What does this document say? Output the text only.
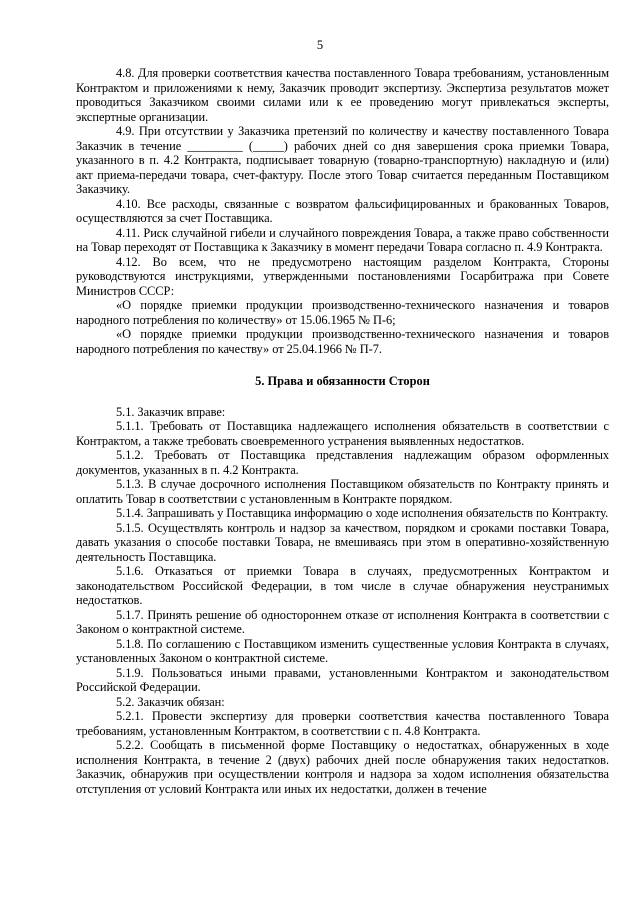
5

4.8. Для проверки соответствия качества поставленного Товара требованиям, установленным Контрактом и приложениями к нему, Заказчик проводит экспертизу. Экспертиза результатов может проводиться Заказчиком своими силами или к ее проведению могут привлекаться эксперты, экспертные организации.

4.9. При отсутствии у Заказчика претензий по количеству и качеству поставленного Товара Заказчик в течение _________ (_____) рабочих дней со дня завершения срока приемки Товара, указанного в п. 4.2 Контракта, подписывает товарную (товарно-транспортную) накладную и (или) акт приема-передачи товара, счет-фактуру. После этого Товар считается переданным Поставщиком Заказчику.

4.10. Все расходы, связанные с возвратом фальсифицированных и бракованных Товаров, осуществляются за счет Поставщика.

4.11. Риск случайной гибели и случайного повреждения Товара, а также право собственности на Товар переходят от Поставщика к Заказчику в момент передачи Товара согласно п. 4.9 Контракта.

4.12. Во всем, что не предусмотрено настоящим разделом Контракта, Стороны руководствуются инструкциями, утвержденными постановлениями Госарбитража при Совете Министров СССР:

«О порядке приемки продукции производственно-технического назначения и товаров народного потребления по количеству» от 15.06.1965 № П-6;

«О порядке приемки продукции производственно-технического назначения и товаров народного потребления по качеству» от 25.04.1966 № П-7.

5. Права и обязанности Сторон

5.1. Заказчик вправе:

5.1.1. Требовать от Поставщика надлежащего исполнения обязательств в соответствии с Контрактом, а также требовать своевременного устранения выявленных недостатков.

5.1.2. Требовать от Поставщика представления надлежащим образом оформленных документов, указанных в п. 4.2 Контракта.

5.1.3. В случае досрочного исполнения Поставщиком обязательств по Контракту принять и оплатить Товар в соответствии с установленным в Контракте порядком.

5.1.4. Запрашивать у Поставщика информацию о ходе исполнения обязательств по Контракту.

5.1.5. Осуществлять контроль и надзор за качеством, порядком и сроками поставки Товара, давать указания о способе поставки Товара, не вмешиваясь при этом в оперативно-хозяйственную деятельность Поставщика.

5.1.6. Отказаться от приемки Товара в случаях, предусмотренных Контрактом и законодательством Российской Федерации, в том числе в случае обнаружения неустранимых недостатков.

5.1.7. Принять решение об одностороннем отказе от исполнения Контракта в соответствии с Законом о контрактной системе.

5.1.8. По соглашению с Поставщиком изменить существенные условия Контракта в случаях, установленных Законом о контрактной системе.

5.1.9. Пользоваться иными правами, установленными Контрактом и законодательством Российской Федерации.

5.2. Заказчик обязан:

5.2.1. Провести экспертизу для проверки соответствия качества поставленного Товара требованиям, установленным Контрактом, в соответствии с п. 4.8 Контракта.

5.2.2. Сообщать в письменной форме Поставщику о недостатках, обнаруженных в ходе исполнения Контракта, в течение 2 (двух) рабочих дней после обнаружения таких недостатков. Заказчик, обнаружив при осуществлении контроля и надзора за ходом исполнения обязательства отступления от условий Контракта или иных их недостатки, должен в течение
